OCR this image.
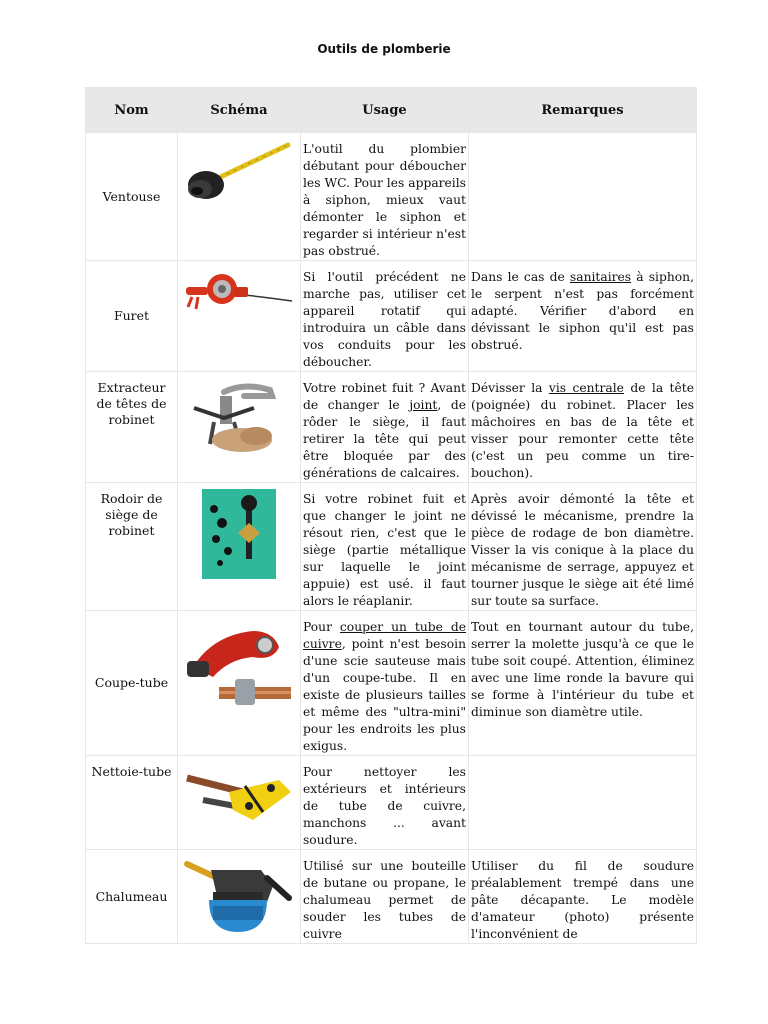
Outils de plomberie
Nom	Schéma	Usage	Remarques
Ventouse		L'outil du plombier débutant pour déboucher les WC. Pour les appareils à siphon, mieux vaut démonter le siphon et regarder si intérieur n'est pas obstrué.	
Furet		Si l'outil précédent ne marche pas, utiliser cet appareil rotatif qui introduira un câble dans vos conduits pour les déboucher.	Dans le cas de sanitaires à siphon, le serpent n'est pas forcément adapté. Vérifier d'abord en dévissant le siphon qu'il est pas obstrué.
Extracteur de têtes de robinet		Votre robinet fuit ? Avant de changer le joint, de rôder le siège, il faut retirer la tête qui peut être bloquée par des générations de calcaires.	Dévisser la vis centrale de la tête (poignée) du robinet. Placer les mâchoires en bas de la tête et visser pour remonter cette tête (c'est un peu comme un tire-bouchon).
Rodoir de siège de robinet		Si votre robinet fuit et que changer le joint ne résout rien, c'est que le siège (partie métallique sur laquelle le joint appuie) est usé. il faut alors le réaplanir.	Après avoir démonté la tête et dévissé le mécanisme, prendre la pièce de rodage de bon diamètre. Visser la vis conique à la place du mécanisme de serrage, appuyez et tourner jusque le siège ait été limé sur toute sa surface.
Coupe-tube		Pour couper un tube de cuivre, point n'est besoin d'une scie sauteuse mais d'un coupe-tube. Il en existe de plusieurs tailles et même des "ultra-mini" pour les endroits les plus exigus.	Tout en tournant autour du tube, serrer la molette jusqu'à ce que le tube soit coupé. Attention, éliminez avec une lime ronde la bavure qui se forme à l'intérieur du tube et diminue son diamètre utile.
Nettoie-tube		Pour nettoyer les extérieurs et intérieurs de tube de cuivre, manchons ... avant soudure.	
Chalumeau		Utilisé sur une bouteille de butane ou propane, le chalumeau permet de souder les tubes de cuivre	Utiliser du fil de soudure préalablement trempé dans une pâte décapante. Le modèle d'amateur (photo) présente l'inconvénient de
